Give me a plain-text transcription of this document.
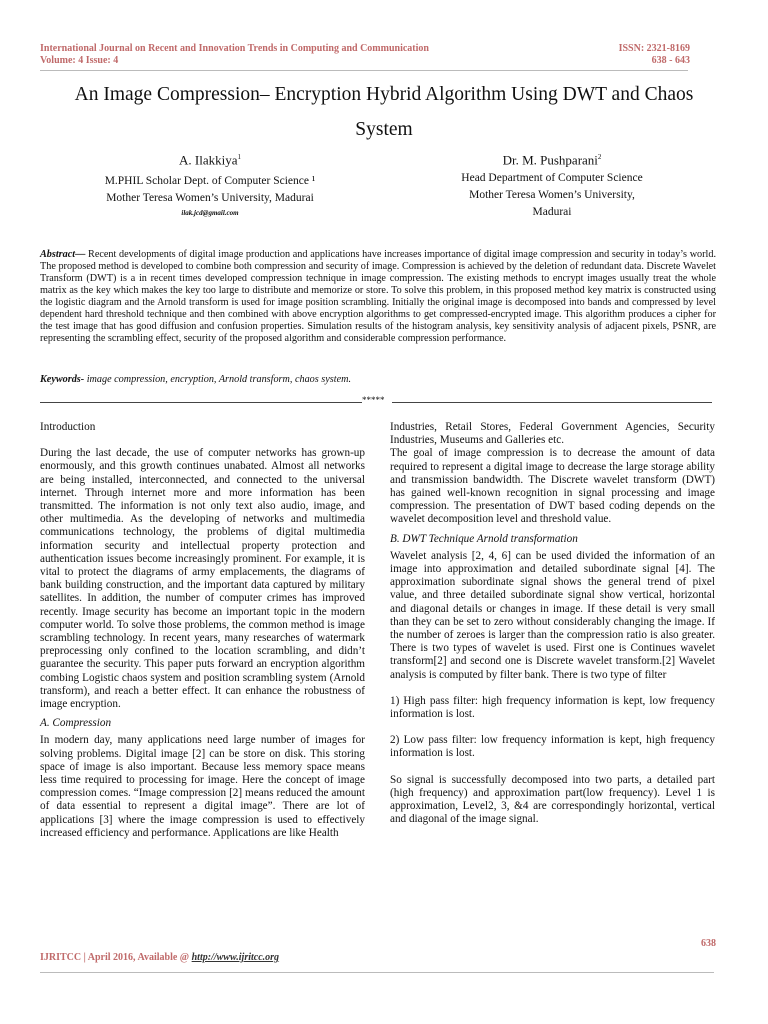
International Journal on Recent and Innovation Trends in Computing and Communication	ISSN: 2321-8169
Volume: 4 Issue: 4	638 - 643
An Image Compression– Encryption Hybrid Algorithm Using DWT and Chaos
System
A. Ilakkiya$^1$
M.PHIL Scholar Dept. of Computer Science ¹
Mother Teresa Women’s University, Madurai
ilak.jcd@gmail.com
Dr. M. Pushparani$^2$
Head Department of Computer Science
Mother Teresa Women’s University,
Madurai
Abstract— Recent developments of digital image production and applications have increases importance of digital image compression and security in today’s world. The proposed method is developed to combine both compression and security of image. Compression is achieved by the deletion of redundant data. Discrete Wavelet Transform (DWT) is a in recent times developed compression technique in image compression. The existing methods to encrypt images usually treat the whole matrix as the key which makes the key too large to distribute and memorize or store. To solve this problem, in this proposed method key matrix is constructed using the logistic diagram and the Arnold transform is used for image position scrambling. Initially the original image is decomposed into bands and compressed by level dependent hard threshold technique and then combined with above encryption algorithms to get compressed-encrypted image. This algorithm produces a cipher for the test image that has good diffusion and confusion properties. Simulation results of the histogram analysis, key sensitivity analysis of adjacent pixels, PSNR, are representing the scrambling effect, security of the proposed algorithm and considerable compression performance.
Keywords- image compression, encryption, Arnold transform, chaos system.
*****

Introduction

During the last decade, the use of computer networks has grown-up enormously, and this growth continues unabated. Almost all networks are being installed, interconnected, and connected to the universal internet. Through internet more and more information has been transmitted. The information is not only text also audio, image, and other multimedia. As the developing of networks and multimedia communications technology, the problems of digital multimedia information security and intellectual property protection and authentication issues become increasingly prominent. For example, it is vital to protect the diagrams of army emplacements, the diagrams of bank building construction, and the important data captured by military satellites. In addition, the number of computer crimes has improved recently. Image security has become an important topic in the modern computer world. To solve those problems, the common method is image scrambling technology. In recent years, many researches of watermark preprocessing only confined to the location scrambling, and didn’t guarantee the security. This paper puts forward an encryption algorithm combing Logistic chaos system and position scrambling system (Arnold transform), and reach a better effect. It can enhance the robustness of image encryption.

A. Compression

In modern day, many applications need large number of images for solving problems. Digital image [2] can be store on disk. This storing space of image is also important. Because less memory space means less time required to processing for image. Here the concept of image compression comes. “Image compression [2] means reduced the amount of data essential to represent a digital image”. There are lot of applications [3] where the image compression is used to effectively increased efficiency and performance. Applications are like Health

Industries, Retail Stores, Federal Government Agencies, Security Industries, Museums and Galleries etc.

The goal of image compression is to decrease the amount of data required to represent a digital image to decrease the large storage ability and transmission bandwidth. The Discrete wavelet transform (DWT) has gained well-known recognition in signal processing and image compression. The presentation of DWT based coding depends on the wavelet decomposition level and threshold value.

B. DWT Technique Arnold transformation

Wavelet analysis [2, 4, 6] can be used divided the information of an image into approximation and detailed subordinate signal [4]. The approximation subordinate signal shows the general trend of pixel value, and three detailed subordinate signal show vertical, horizontal and diagonal details or changes in image. If these detail is very small than they can be set to zero without considerably changing the image. If the number of zeroes is larger than the compression ratio is also greater. There is two types of wavelet is used. First one is Continues wavelet transform[2] and second one is Discrete wavelet transform.[2] Wavelet analysis is computed by filter bank. There is two type of filter

1) High pass filter: high frequency information is kept, low frequency information is lost.

2) Low pass filter: low frequency information is kept, high frequency information is lost.

So signal is successfully decomposed into two parts, a detailed part (high frequency) and approximation part(low frequency). Level 1 is approximation, Level2, 3, &4 are correspondingly horizontal, vertical and diagonal of the image signal.

638
IJRITCC | April 2016, Available @ http://www.ijritcc.org
